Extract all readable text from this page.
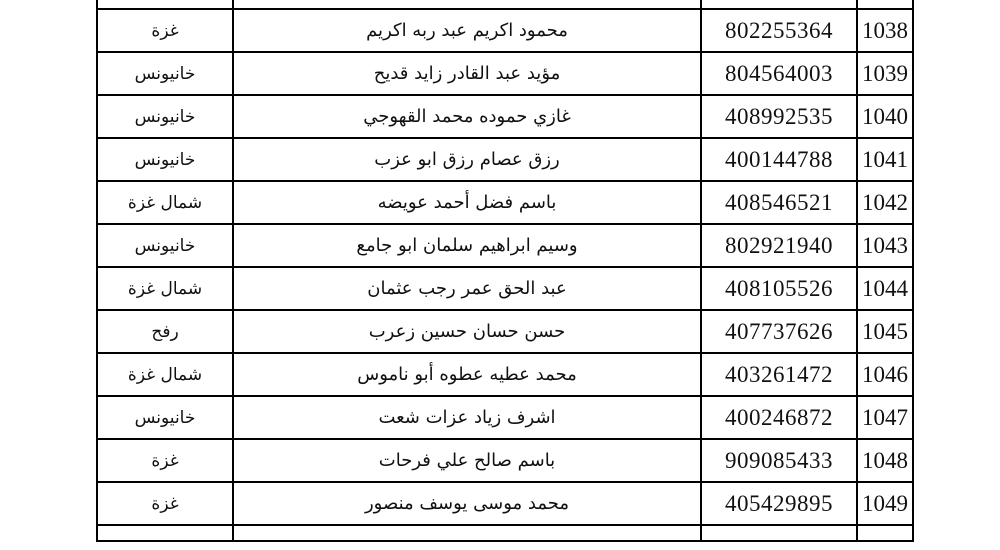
غزة	محمود اكريم عبد ربه اكريم	802255364	1038
خانيونس	مؤيد عبد القادر زايد قديح	804564003	1039
خانيونس	غازي حموده محمد القهوجي	408992535	1040
خانيونس	رزق عصام رزق ابو عزب	400144788	1041
شمال غزة	باسم فضل أحمد عويضه	408546521	1042
خانيونس	وسيم ابراهيم سلمان ابو جامع	802921940	1043
شمال غزة	عبد الحق عمر رجب عثمان	408105526	1044
رفح	حسن حسان حسين زعرب	407737626	1045
شمال غزة	محمد عطيه عطوه أبو ناموس	403261472	1046
خانيونس	اشرف زياد عزات شعت	400246872	1047
غزة	باسم صالح علي فرحات	909085433	1048
غزة	محمد موسى يوسف منصور	405429895	1049
